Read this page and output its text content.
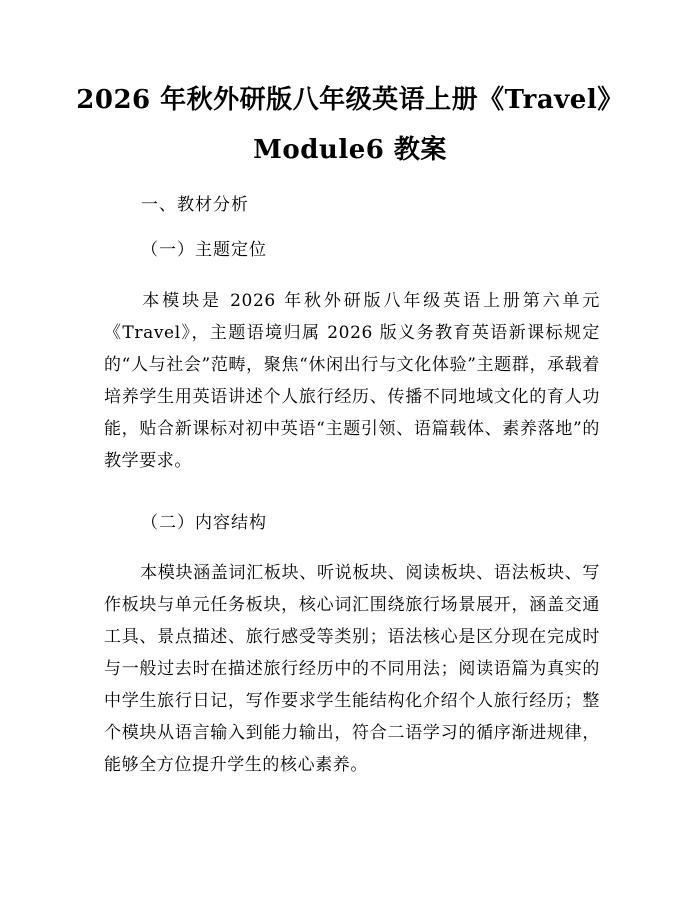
2026 年秋外研版八年级英语上册《Travel》
Module6 教案
一、教材分析
（一）主题定位
本模块是 2026 年秋外研版八年级英语上册第六单元《Travel》，主题语境归属 2026 版义务教育英语新课标规定的“人与社会”范畴，聚焦“休闲出行与文化体验”主题群，承载着培养学生用英语讲述个人旅行经历、传播不同地域文化的育人功能，贴合新课标对初中英语“主题引领、语篇载体、素养落地”的教学要求。
（二）内容结构
本模块涵盖词汇板块、听说板块、阅读板块、语法板块、写作板块与单元任务板块，核心词汇围绕旅行场景展开，涵盖交通工具、景点描述、旅行感受等类别；语法核心是区分现在完成时与一般过去时在描述旅行经历中的不同用法；阅读语篇为真实的中学生旅行日记，写作要求学生能结构化介绍个人旅行经历；整个模块从语言输入到能力输出，符合二语学习的循序渐进规律，能够全方位提升学生的核心素养。
